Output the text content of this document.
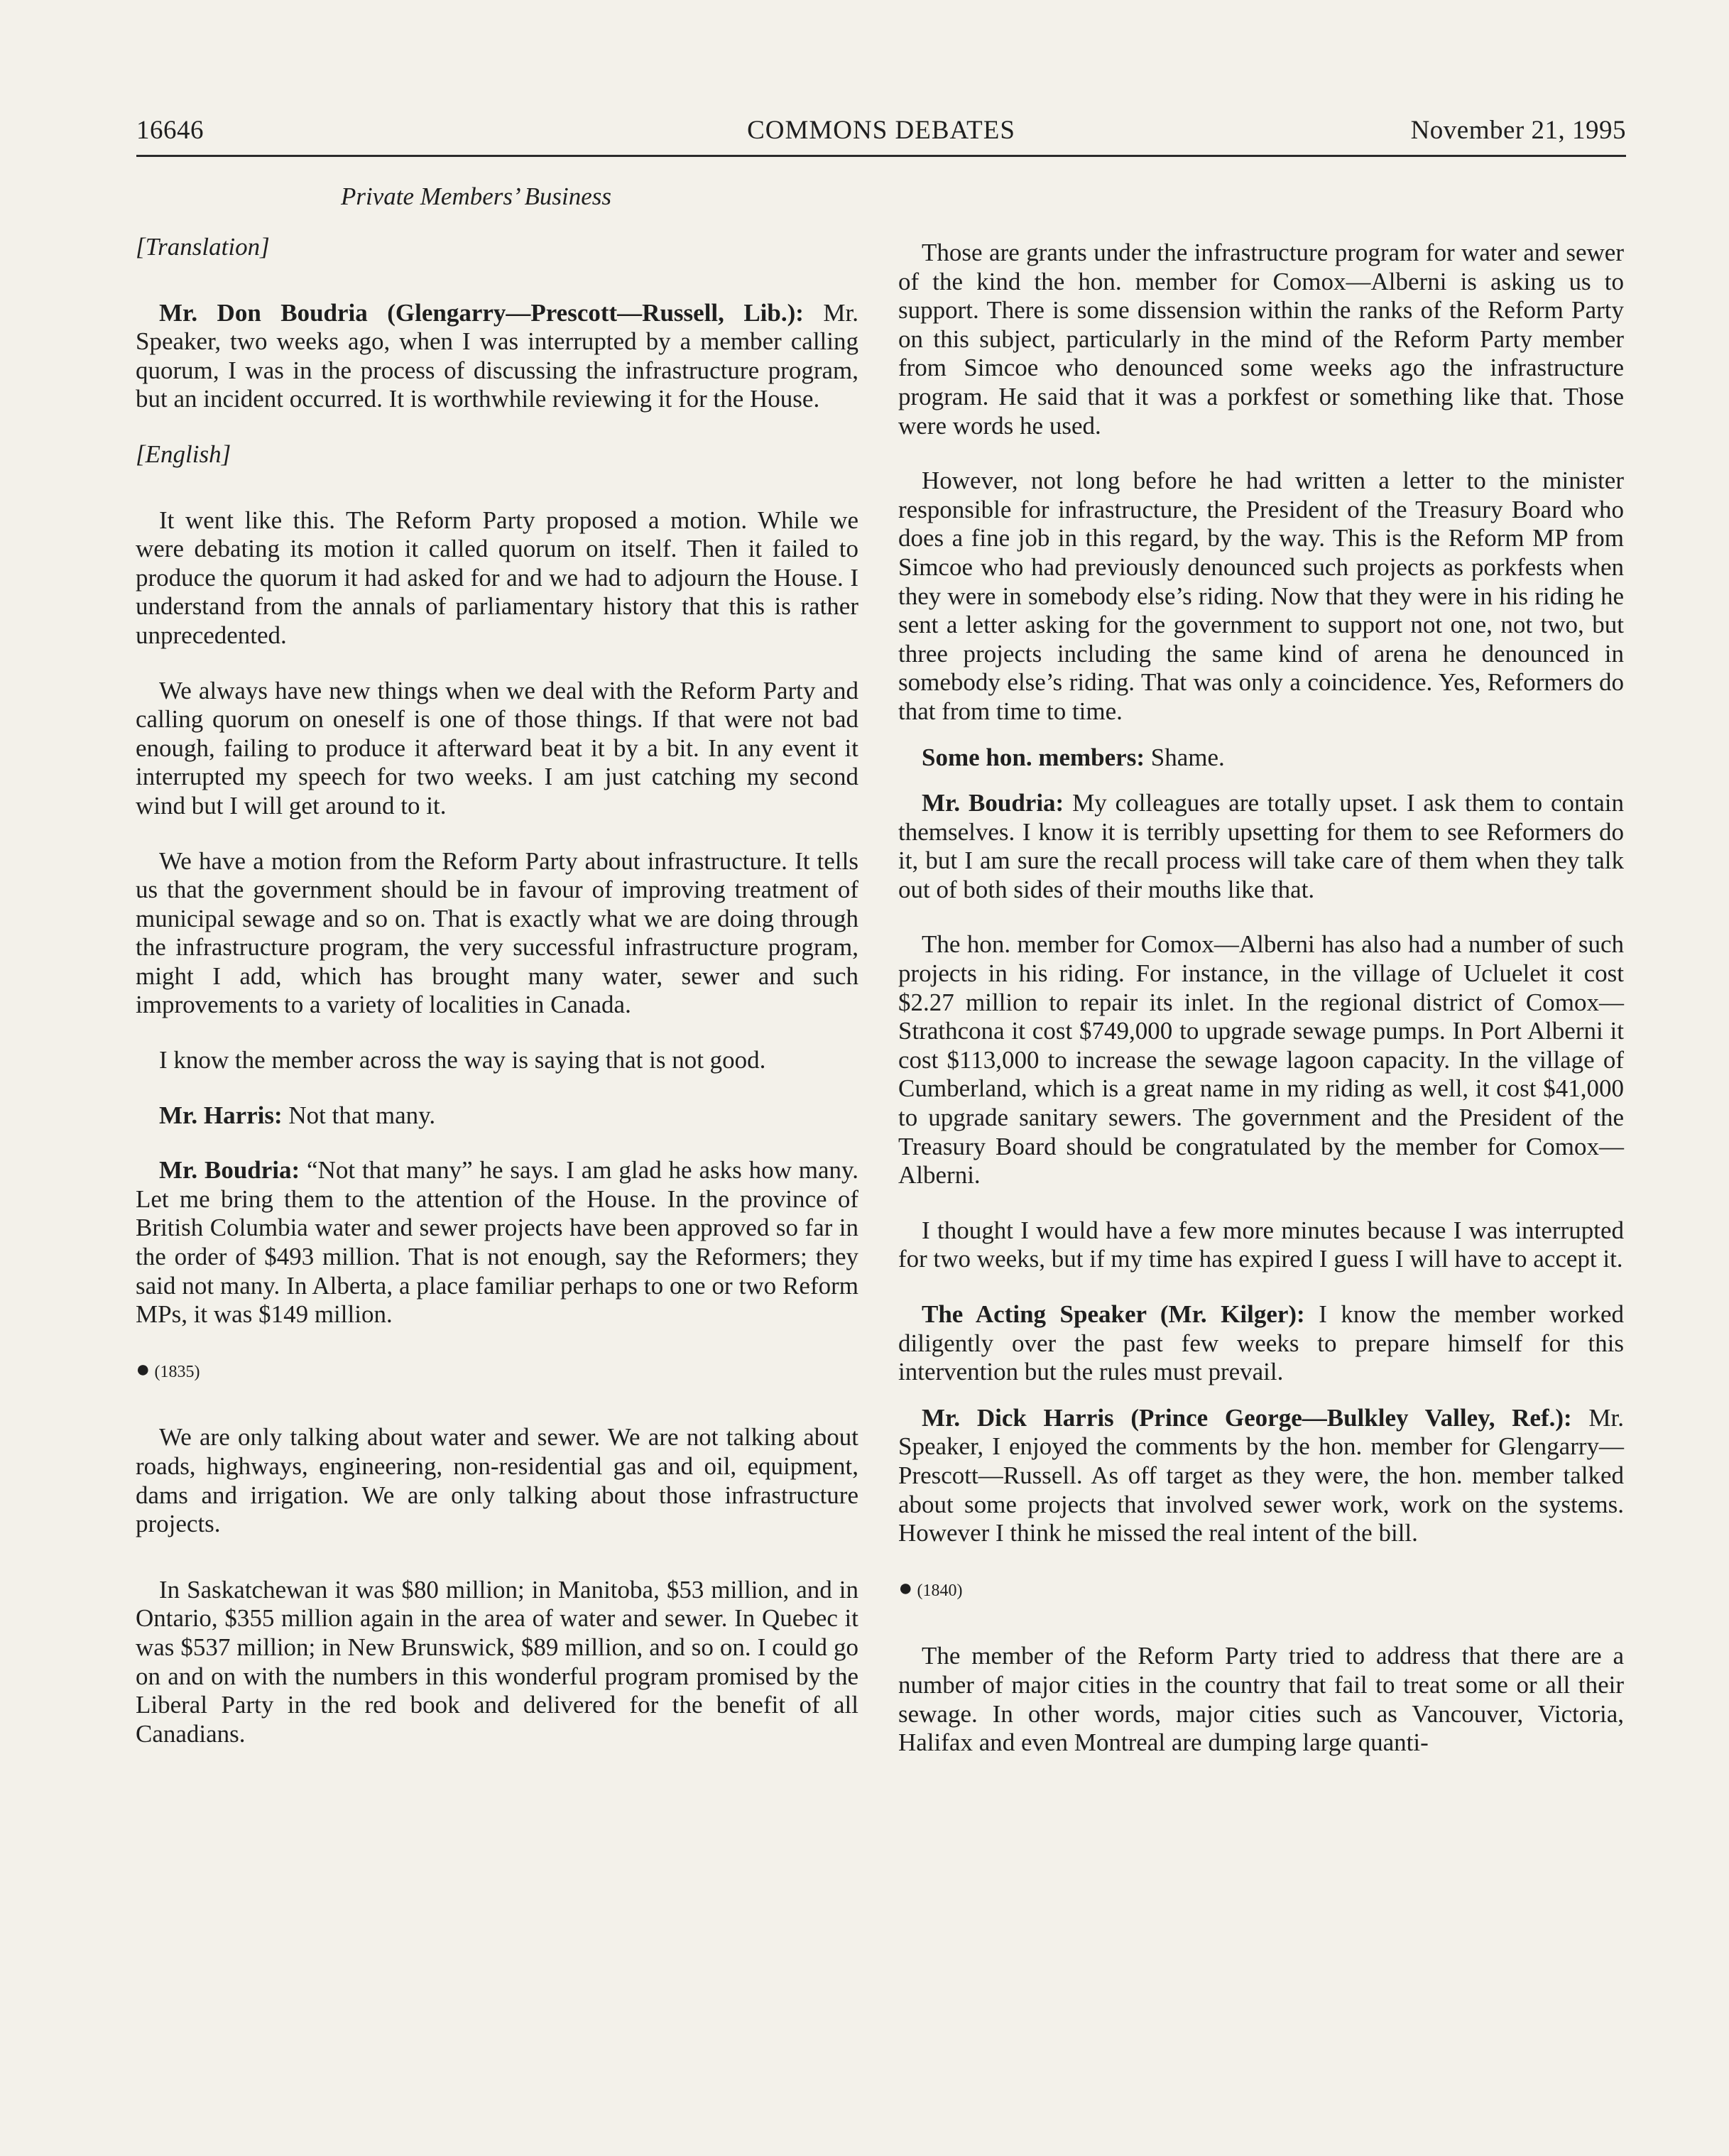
16646	COMMONS DEBATES	November 21, 1995
Private Members’ Business

[Translation]

Mr. Don Boudria (Glengarry—Prescott—Russell, Lib.): Mr. Speaker, two weeks ago, when I was interrupted by a member calling quorum, I was in the process of discussing the infrastructure program, but an incident occurred. It is worthwhile reviewing it for the House.

[English]

It went like this. The Reform Party proposed a motion. While we were debating its motion it called quorum on itself. Then it failed to produce the quorum it had asked for and we had to adjourn the House. I understand from the annals of parliamentary history that this is rather unprecedented.

We always have new things when we deal with the Reform Party and calling quorum on oneself is one of those things. If that were not bad enough, failing to produce it afterward beat it by a bit. In any event it interrupted my speech for two weeks. I am just catching my second wind but I will get around to it.

We have a motion from the Reform Party about infrastructure. It tells us that the government should be in favour of improving treatment of municipal sewage and so on. That is exactly what we are doing through the infrastructure program, the very successful infrastructure program, might I add, which has brought many water, sewer and such improvements to a variety of localities in Canada.

I know the member across the way is saying that is not good.

Mr. Harris: Not that many.

Mr. Boudria: “Not that many” he says. I am glad he asks how many. Let me bring them to the attention of the House. In the province of British Columbia water and sewer projects have been approved so far in the order of $493 million. That is not enough, say the Reformers; they said not many. In Alberta, a place familiar perhaps to one or two Reform MPs, it was $149 million.

● (1835)

We are only talking about water and sewer. We are not talking about roads, highways, engineering, non-residential gas and oil, equipment, dams and irrigation. We are only talking about those infrastructure projects.

In Saskatchewan it was $80 million; in Manitoba, $53 million, and in Ontario, $355 million again in the area of water and sewer. In Quebec it was $537 million; in New Brunswick, $89 million, and so on. I could go on and on with the numbers in this wonderful program promised by the Liberal Party in the red book and delivered for the benefit of all Canadians.

Those are grants under the infrastructure program for water and sewer of the kind the hon. member for Comox—Alberni is asking us to support. There is some dissension within the ranks of the Reform Party on this subject, particularly in the mind of the Reform Party member from Simcoe who denounced some weeks ago the infrastructure program. He said that it was a porkfest or something like that. Those were words he used.

However, not long before he had written a letter to the minister responsible for infrastructure, the President of the Treasury Board who does a fine job in this regard, by the way. This is the Reform MP from Simcoe who had previously denounced such projects as porkfests when they were in somebody else’s riding. Now that they were in his riding he sent a letter asking for the government to support not one, not two, but three projects including the same kind of arena he denounced in somebody else’s riding. That was only a coincidence. Yes, Reformers do that from time to time.

Some hon. members: Shame.

Mr. Boudria: My colleagues are totally upset. I ask them to contain themselves. I know it is terribly upsetting for them to see Reformers do it, but I am sure the recall process will take care of them when they talk out of both sides of their mouths like that.

The hon. member for Comox—Alberni has also had a number of such projects in his riding. For instance, in the village of Ucluelet it cost $2.27 million to repair its inlet. In the regional district of Comox—Strathcona it cost $749,000 to upgrade sewage pumps. In Port Alberni it cost $113,000 to increase the sewage lagoon capacity. In the village of Cumberland, which is a great name in my riding as well, it cost $41,000 to upgrade sanitary sewers. The government and the President of the Treasury Board should be congratulated by the member for Comox—Alberni.

I thought I would have a few more minutes because I was interrupted for two weeks, but if my time has expired I guess I will have to accept it.

The Acting Speaker (Mr. Kilger): I know the member worked diligently over the past few weeks to prepare himself for this intervention but the rules must prevail.

Mr. Dick Harris (Prince George—Bulkley Valley, Ref.): Mr. Speaker, I enjoyed the comments by the hon. member for Glengarry—Prescott—Russell. As off target as they were, the hon. member talked about some projects that involved sewer work, work on the systems. However I think he missed the real intent of the bill.

● (1840)

The member of the Reform Party tried to address that there are a number of major cities in the country that fail to treat some or all their sewage. In other words, major cities such as Vancouver, Victoria, Halifax and even Montreal are dumping large quanti-
